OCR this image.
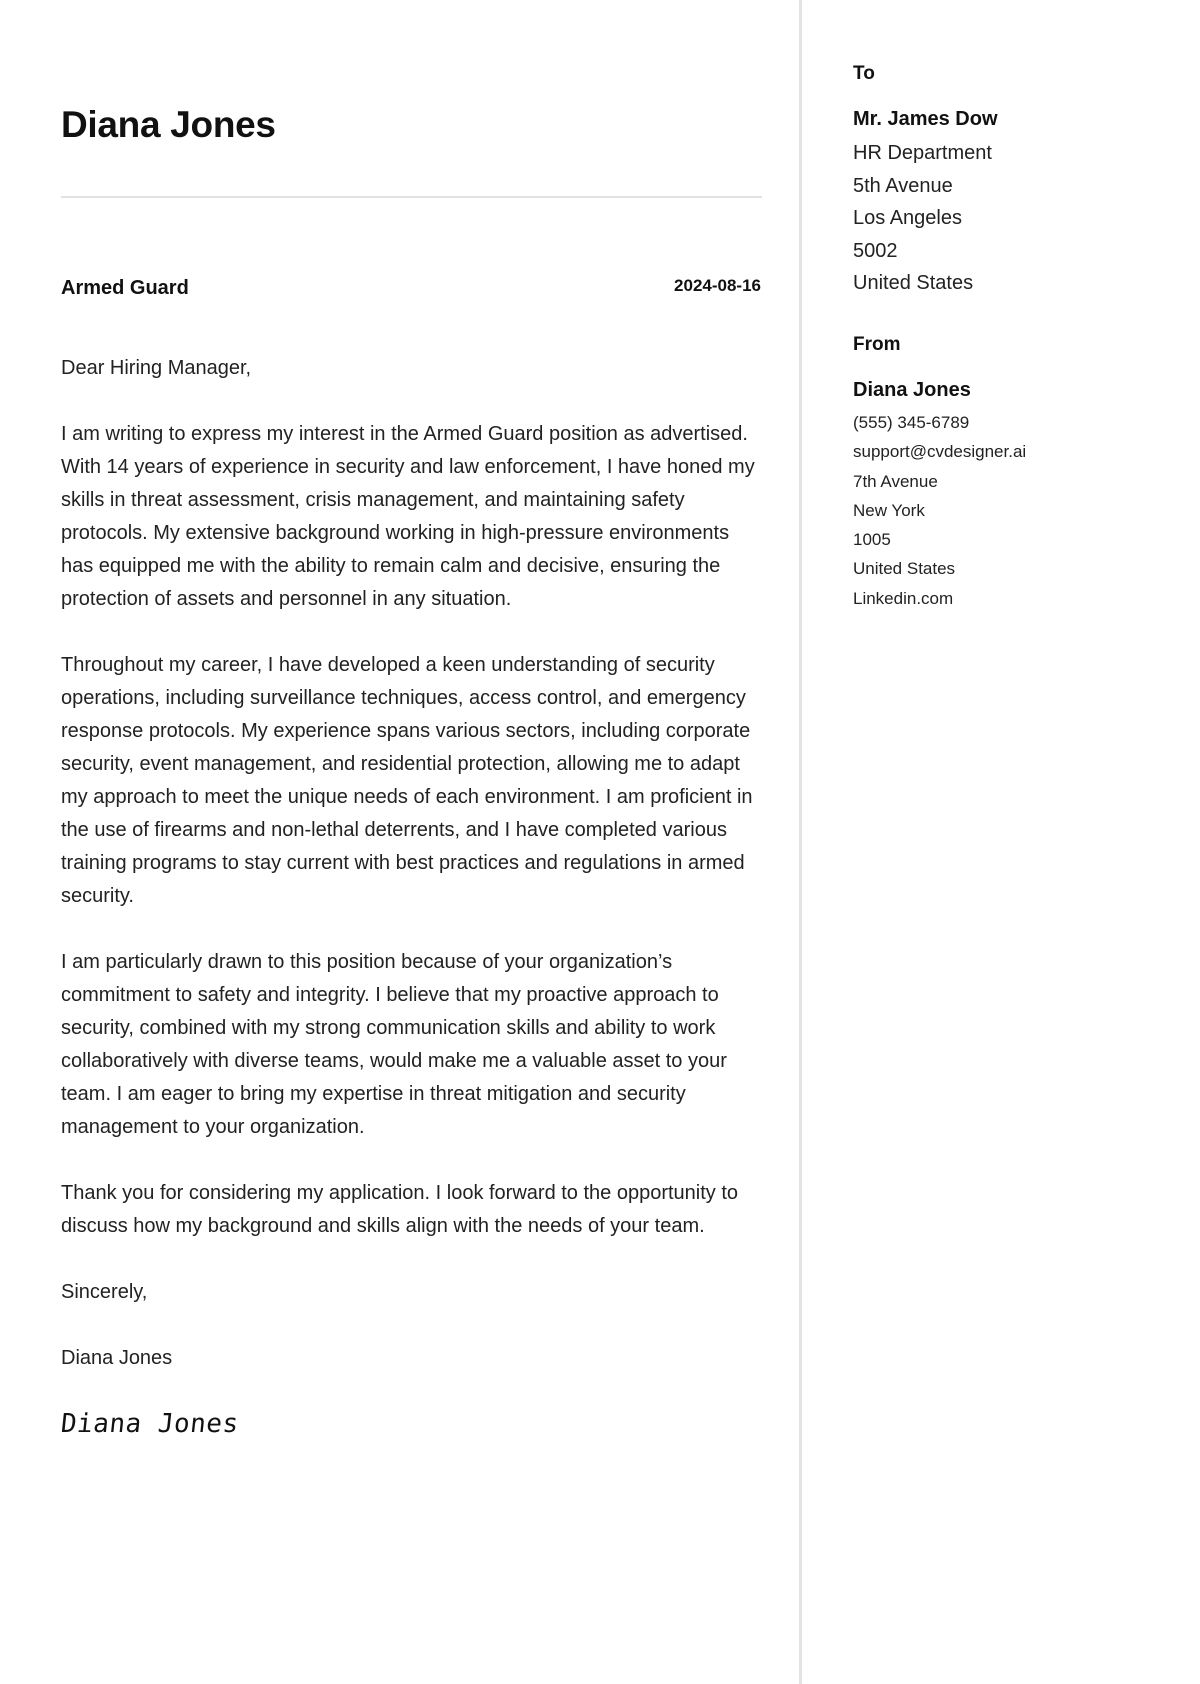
Diana Jones
Armed Guard	2024-08-16

Dear Hiring Manager,

I am writing to express my interest in the Armed Guard position as advertised. With 14 years of experience in security and law enforcement, I have honed my skills in threat assessment, crisis management, and maintaining safety protocols. My extensive background working in high-pressure environments has equipped me with the ability to remain calm and decisive, ensuring the protection of assets and personnel in any situation.

Throughout my career, I have developed a keen understanding of security operations, including surveillance techniques, access control, and emergency response protocols. My experience spans various sectors, including corporate security, event management, and residential protection, allowing me to adapt my approach to meet the unique needs of each environment. I am proficient in the use of firearms and non-lethal deterrents, and I have completed various training programs to stay current with best practices and regulations in armed security.

I am particularly drawn to this position because of your organization’s commitment to safety and integrity. I believe that my proactive approach to security, combined with my strong communication skills and ability to work collaboratively with diverse teams, would make me a valuable asset to your team. I am eager to bring my expertise in threat mitigation and security management to your organization.

Thank you for considering my application. I look forward to the opportunity to discuss how my background and skills align with the needs of your team.

Sincerely,

Diana Jones

Diana Jones
To
Mr. James Dow
HR Department
5th Avenue
Los Angeles
5002
United States
From
Diana Jones
(555) 345-6789
support@cvdesigner.ai
7th Avenue
New York
1005
United States
Linkedin.com
